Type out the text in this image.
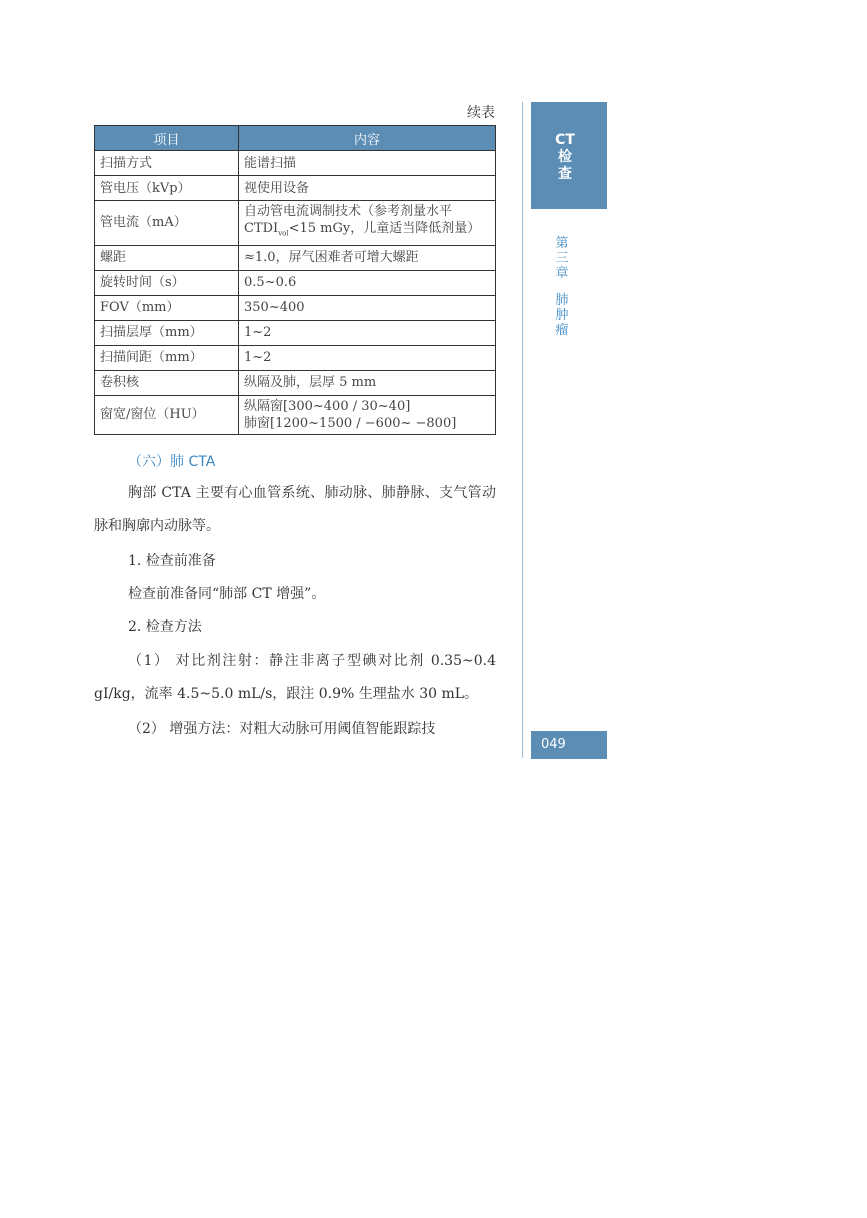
续表
项目	内容
扫描方式	能谱扫描
管电压（kVp）	视使用设备
管电流（mA）	自动管电流调制技术（参考剂量水平
$CTDI_{vol}<15$ mGy，儿童适当降低剂量）

螺距	≈1.0，屏气困难者可增大螺距
旋转时间（s）	0.5~0.6
FOV（mm）	350~400
扫描层厚（mm）	1~2
扫描间距（mm）	1~2
卷积核	纵隔及肺，层厚 5 mm
窗宽/窗位（HU）	纵隔窗[300~400 / 30~40]
肺窗[1200~1500 / −600~ −800]
（六）肺 CTA
胸部 CTA 主要有心血管系统、肺动脉、肺静脉、支气管动脉和胸廓内动脉等。
1. 检查前准备
检查前准备同“肺部 CT 增强”。
2. 检查方法
（1） 对比剂注射：静注非离子型碘对比剂 0.35~0.4 gI/kg，流率 4.5~5.0 mL/s，跟注 0.9% 生理盐水 30 mL。
（2） 增强方法：对粗大动脉可用阈值智能跟踪技
CT
检
查
第
三
章
肺
肿
瘤
049
